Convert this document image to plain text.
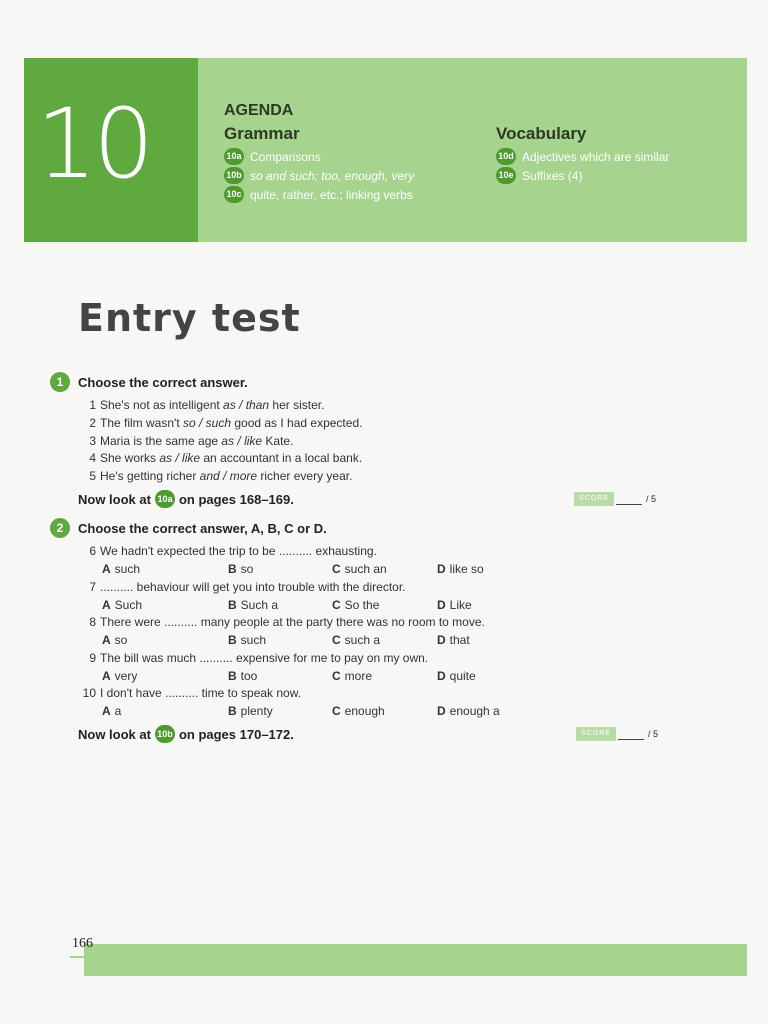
10	AGENDA
Grammar
10a Comparisons
10b so and such; too, enough, very
10c quite, rather, etc.; linking verbs
Vocabulary
10d Adjectives which are similar
10e Suffixes (4)
Entry test
1	Choose the correct answer.
1 She's not as intelligent as / than her sister.
2 The film wasn't so / such good as I had expected.
3 Maria is the same age as / like Kate.
4 She works as / like an accountant in a local bank.
5 He's getting richer and / more richer every year.
Now look at 10a on pages 168–169.	SCORE	/ 5
2	Choose the correct answer, A, B, C or D.
6 We hadn't expected the trip to be .......... exhausting.
A such	B so	C such an	D like so
7 .......... behaviour will get you into trouble with the director.
A Such	B Such a	C So the	D Like
8 There were .......... many people at the party there was no room to move.
A so	B such	C such a	D that
9 The bill was much .......... expensive for me to pay on my own.
A very	B too	C more	D quite
10 I don't have .......... time to speak now.
A a	B plenty	C enough	D enough a
Now look at 10b on pages 170–172.	SCORE	/ 5
166
